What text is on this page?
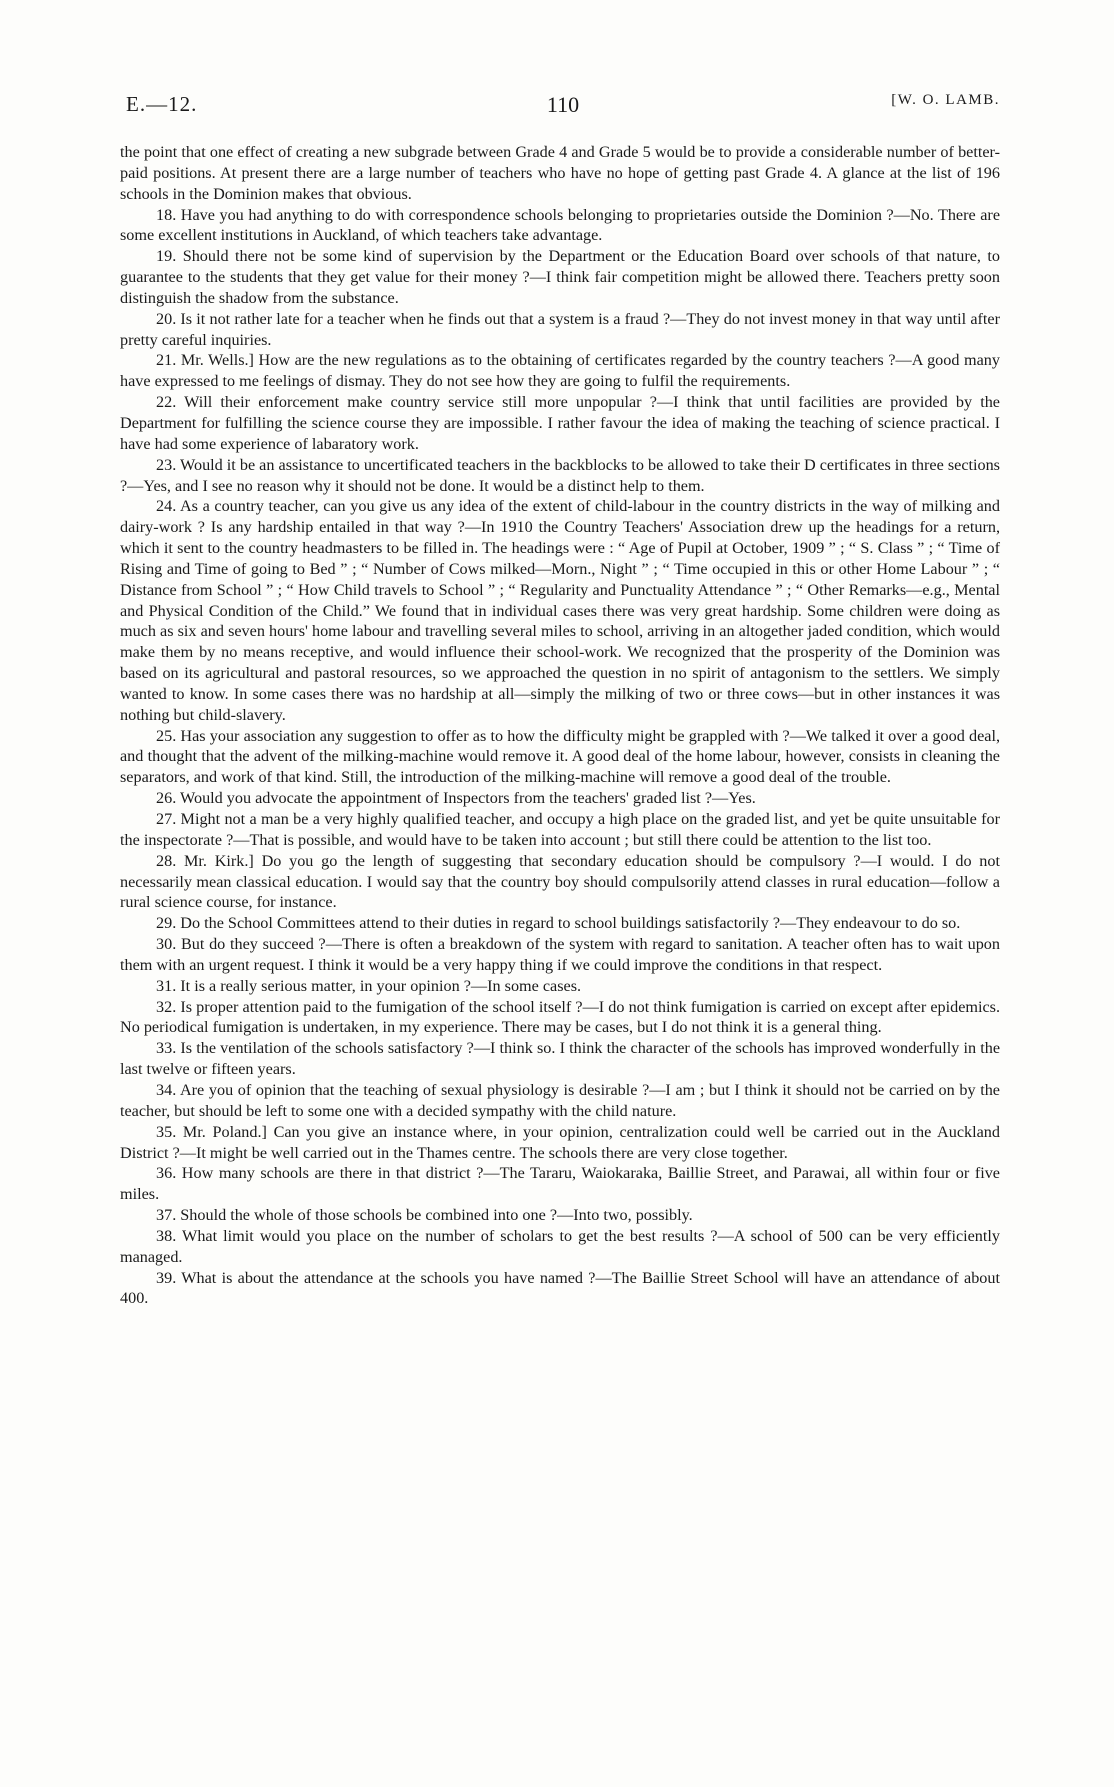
E.—12.	110	[W. O. LAMB.

the point that one effect of creating a new subgrade between Grade 4 and Grade 5 would be to provide a considerable number of better-paid positions. At present there are a large number of teachers who have no hope of getting past Grade 4. A glance at the list of 196 schools in the Dominion makes that obvious.

18. Have you had anything to do with correspondence schools belonging to proprietaries outside the Dominion ?—No. There are some excellent institutions in Auckland, of which teachers take advantage.

19. Should there not be some kind of supervision by the Department or the Education Board over schools of that nature, to guarantee to the students that they get value for their money ?—I think fair competition might be allowed there. Teachers pretty soon distinguish the shadow from the substance.

20. Is it not rather late for a teacher when he finds out that a system is a fraud ?—They do not invest money in that way until after pretty careful inquiries.

21. Mr. Wells.] How are the new regulations as to the obtaining of certificates regarded by the country teachers ?—A good many have expressed to me feelings of dismay. They do not see how they are going to fulfil the requirements.

22. Will their enforcement make country service still more unpopular ?—I think that until facilities are provided by the Department for fulfilling the science course they are impossible. I rather favour the idea of making the teaching of science practical. I have had some experience of labaratory work.

23. Would it be an assistance to uncertificated teachers in the backblocks to be allowed to take their D certificates in three sections ?—Yes, and I see no reason why it should not be done. It would be a distinct help to them.

24. As a country teacher, can you give us any idea of the extent of child-labour in the country districts in the way of milking and dairy-work ? Is any hardship entailed in that way ?—In 1910 the Country Teachers' Association drew up the headings for a return, which it sent to the country headmasters to be filled in. The headings were : “ Age of Pupil at October, 1909 ” ; “ S. Class ” ; “ Time of Rising and Time of going to Bed ” ; “ Number of Cows milked—Morn., Night ” ; “ Time occupied in this or other Home Labour ” ; “ Distance from School ” ; “ How Child travels to School ” ; “ Regularity and Punctuality Attendance ” ; “ Other Remarks—e.g., Mental and Physical Condition of the Child.” We found that in individual cases there was very great hardship. Some children were doing as much as six and seven hours' home labour and travelling several miles to school, arriving in an altogether jaded condition, which would make them by no means receptive, and would influence their school-work. We recognized that the prosperity of the Dominion was based on its agricultural and pastoral resources, so we approached the question in no spirit of antagonism to the settlers. We simply wanted to know. In some cases there was no hardship at all—simply the milking of two or three cows—but in other instances it was nothing but child-slavery.

25. Has your association any suggestion to offer as to how the difficulty might be grappled with ?—We talked it over a good deal, and thought that the advent of the milking-machine would remove it. A good deal of the home labour, however, consists in cleaning the separators, and work of that kind. Still, the introduction of the milking-machine will remove a good deal of the trouble.

26. Would you advocate the appointment of Inspectors from the teachers' graded list ?—Yes.

27. Might not a man be a very highly qualified teacher, and occupy a high place on the graded list, and yet be quite unsuitable for the inspectorate ?—That is possible, and would have to be taken into account ; but still there could be attention to the list too.

28. Mr. Kirk.] Do you go the length of suggesting that secondary education should be compulsory ?—I would. I do not necessarily mean classical education. I would say that the country boy should compulsorily attend classes in rural education—follow a rural science course, for instance.

29. Do the School Committees attend to their duties in regard to school buildings satisfactorily ?—They endeavour to do so.

30. But do they succeed ?—There is often a breakdown of the system with regard to sanitation. A teacher often has to wait upon them with an urgent request. I think it would be a very happy thing if we could improve the conditions in that respect.

31. It is a really serious matter, in your opinion ?—In some cases.

32. Is proper attention paid to the fumigation of the school itself ?—I do not think fumigation is carried on except after epidemics. No periodical fumigation is undertaken, in my experience. There may be cases, but I do not think it is a general thing.

33. Is the ventilation of the schools satisfactory ?—I think so. I think the character of the schools has improved wonderfully in the last twelve or fifteen years.

34. Are you of opinion that the teaching of sexual physiology is desirable ?—I am ; but I think it should not be carried on by the teacher, but should be left to some one with a decided sympathy with the child nature.

35. Mr. Poland.] Can you give an instance where, in your opinion, centralization could well be carried out in the Auckland District ?—It might be well carried out in the Thames centre. The schools there are very close together.

36. How many schools are there in that district ?—The Tararu, Waiokaraka, Baillie Street, and Parawai, all within four or five miles.

37. Should the whole of those schools be combined into one ?—Into two, possibly.

38. What limit would you place on the number of scholars to get the best results ?—A school of 500 can be very efficiently managed.

39. What is about the attendance at the schools you have named ?—The Baillie Street School will have an attendance of about 400.
